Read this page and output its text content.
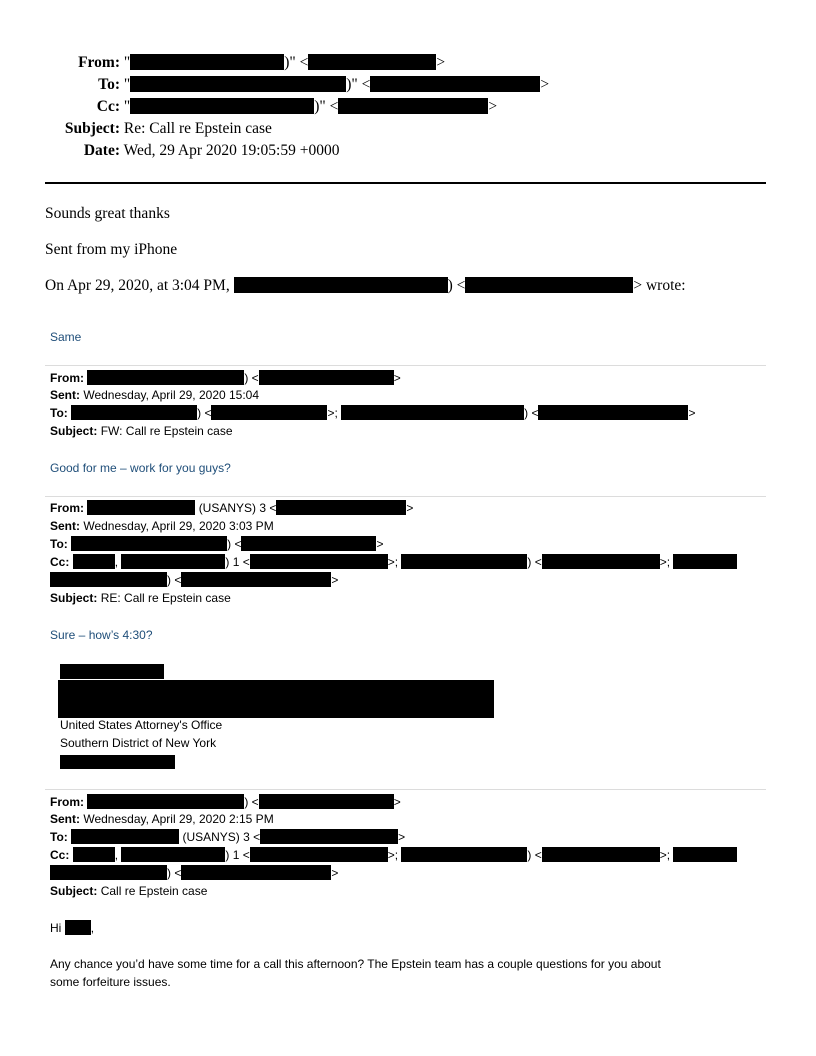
From: "	)" <	>
To: "	)" <	>
Cc: "	)" <	>
Subject: Re: Call re Epstein case
Date: Wed, 29 Apr 2020 19:05:59 +0000
Sounds great thanks
Sent from my iPhone
On Apr 29, 2020, at 3:04 PM,	) <	> wrote:
Same
From:	) <	>
Sent: Wednesday, April 29, 2020 15:04
To:	) <	>;	) <	>
Subject: FW: Call re Epstein case
Good for me – work for you guys?
From:	(USANYS) 3 <	>
Sent: Wednesday, April 29, 2020 3:03 PM
To:	) <	>
Cc:	,	) 1 <	>;	) <	>;
) <	>
Subject: RE: Call re Epstein case
Sure – how’s 4:30?
United States Attorney's Office
Southern District of New York
From:	) <	>
Sent: Wednesday, April 29, 2020 2:15 PM
To:	(USANYS) 3 <	>
Cc:	,	) 1 <	>;	) <	>;
) <	>
Subject: Call re Epstein case
Hi ,
Any chance you’d have some time for a call this afternoon? The Epstein team has a couple questions for you about
some forfeiture issues.
